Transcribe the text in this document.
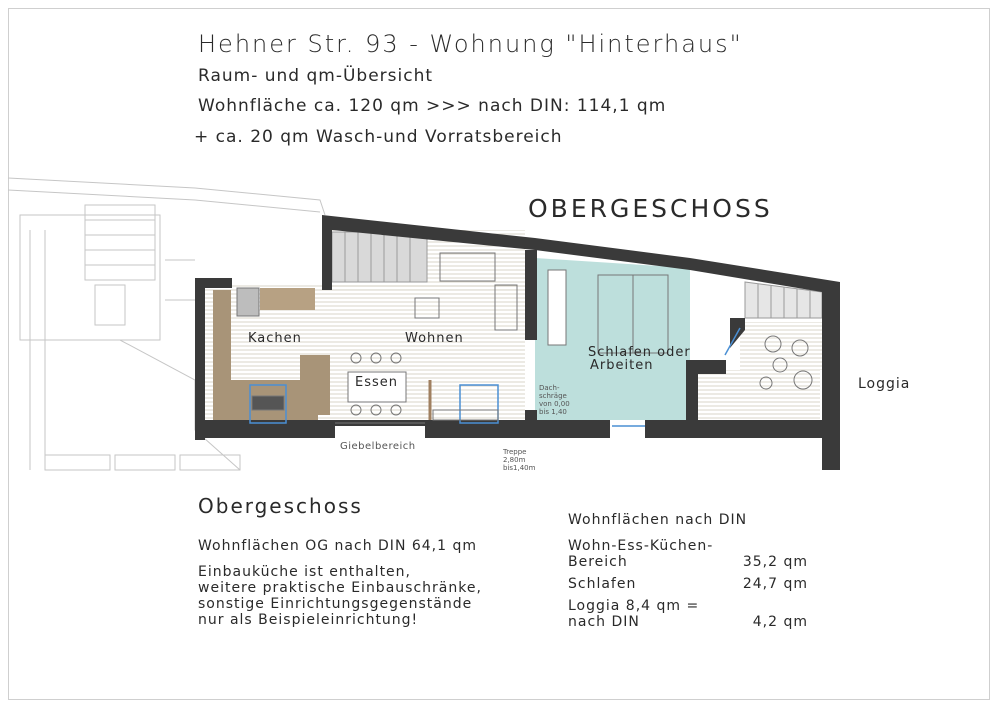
Hehner Str. 93 - Wohnung "Hinterhaus"
Raum- und qm-Übersicht
Wohnfläche ca. 120 qm >>> nach DIN: 114,1 qm
+ ca. 20 qm Wasch-und Vorratsbereich
OBERGESCHOSS
Kachen	Wohnen
Essen
Schlafen oder
Arbeiten
Loggia
Giebelbereich	Treppe
2,80m
bis1,40m
Dach-
schräge
von 0,00
bis 1,40
Obergeschoss
Wohnflächen OG nach DIN 64,1 qm
Einbauküche ist enthalten,
weitere praktische Einbauschränke,
sonstige Einrichtungsgegenstände
nur als Beispieleinrichtung!
Wohnflächen nach DIN
Wohn-Ess-Küchen-
Bereich	35,2 qm
Schlafen	24,7 qm
Loggia 8,4 qm =
nach DIN	4,2 qm
